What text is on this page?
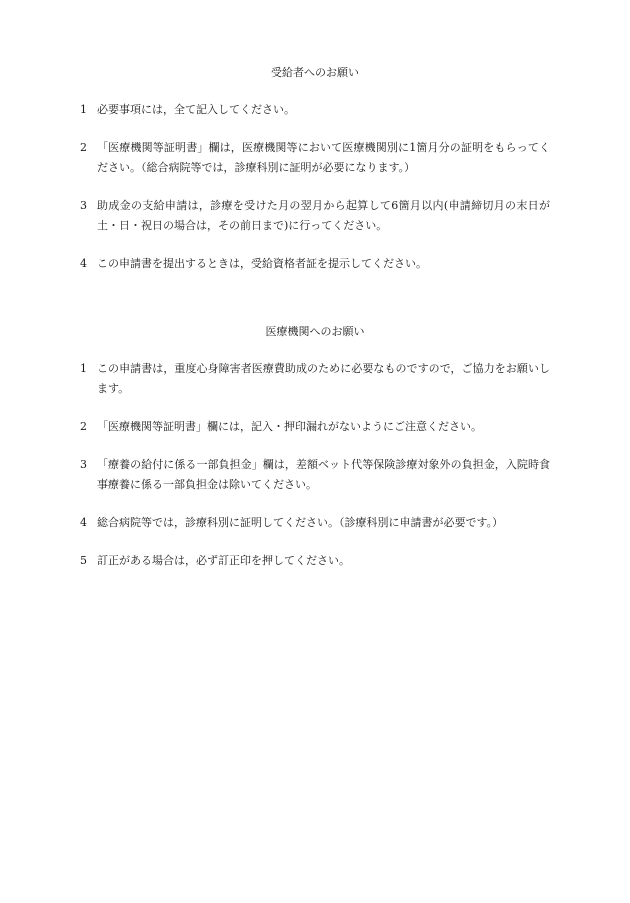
受給者へのお願い
1 必要事項には，全て記入してください。
2 「医療機関等証明書」欄は，医療機関等において医療機関別に1箇月分の証明をもらってください。（総合病院等では，診療科別に証明が必要になります。）
3 助成金の支給申請は，診療を受けた月の翌月から起算して6箇月以内(申請締切月の末日が土・日・祝日の場合は，その前日まで)に行ってください。
4 この申請書を提出するときは，受給資格者証を提示してください。
医療機関へのお願い
1 この申請書は，重度心身障害者医療費助成のために必要なものですので，ご協力をお願いします。
2 「医療機関等証明書」欄には，記入・押印漏れがないようにご注意ください。
3 「療養の給付に係る一部負担金」欄は，差額ベット代等保険診療対象外の負担金，入院時食事療養に係る一部負担金は除いてください。
4 総合病院等では，診療科別に証明してください。（診療科別に申請書が必要です。）
5 訂正がある場合は，必ず訂正印を押してください。
